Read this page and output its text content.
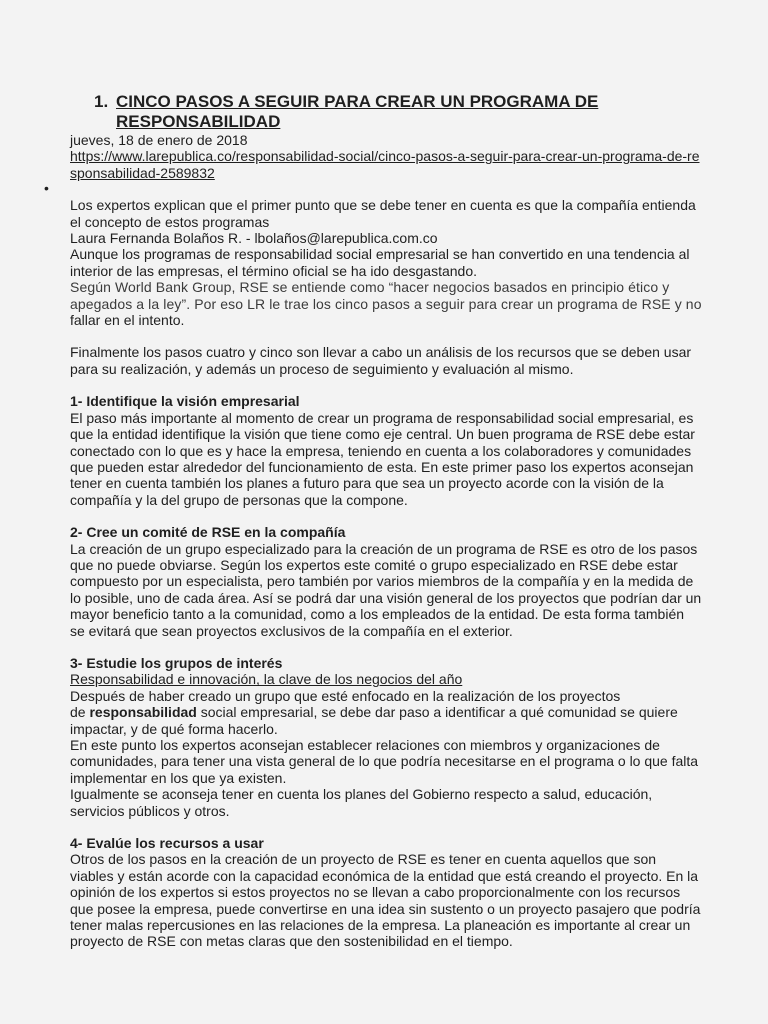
1. CINCO PASOS A SEGUIR PARA CREAR UN PROGRAMA DE RESPONSABILIDAD
•

jueves, 18 de enero de 2018

https://www.larepublica.co/responsabilidad-social/cinco-pasos-a-seguir-para-crear-un-programa-de-responsabilidad-2589832

Los expertos explican que el primer punto que se debe tener en cuenta es que la compañía entienda el concepto de estos programas

Laura Fernanda Bolaños R. - lbolaños@larepublica.com.co

Aunque los programas de responsabilidad social empresarial se han convertido en una tendencia al interior de las empresas, el término oficial se ha ido desgastando.

Según World Bank Group, RSE se entiende como “hacer negocios basados en principio ético y apegados a la ley”. Por eso LR le trae los cinco pasos a seguir para crear un programa de RSE y no

fallar en el intento.

Finalmente los pasos cuatro y cinco son llevar a cabo un análisis de los recursos que se deben usar para su realización, y además un proceso de seguimiento y evaluación al mismo.

1- Identifique la visión empresarial

El paso más importante al momento de crear un programa de responsabilidad social empresarial, es que la entidad identifique la visión que tiene como eje central. Un buen programa de RSE debe estar conectado con lo que es y hace la empresa, teniendo en cuenta a los colaboradores y comunidades que pueden estar alrededor del funcionamiento de esta. En este primer paso los expertos aconsejan tener en cuenta también los planes a futuro para que sea un proyecto acorde con la visión de la compañía y la del grupo de personas que la compone.

2- Cree un comité de RSE en la compañía

La creación de un grupo especializado para la creación de un programa de RSE es otro de los pasos que no puede obviarse. Según los expertos este comité o grupo especializado en RSE debe estar compuesto por un especialista, pero también por varios miembros de la compañía y en la medida de lo posible, uno de cada área. Así se podrá dar una visión general de los proyectos que podrían dar un mayor beneficio tanto a la comunidad, como a los empleados de la entidad. De esta forma también se evitará que sean proyectos exclusivos de la compañía en el exterior.

3- Estudie los grupos de interés

Responsabilidad e innovación, la clave de los negocios del año

Después de haber creado un grupo que esté enfocado en la realización de los proyectos

de responsabilidad social empresarial, se debe dar paso a identificar a qué comunidad se quiere impactar, y de qué forma hacerlo.

En este punto los expertos aconsejan establecer relaciones con miembros y organizaciones de comunidades, para tener una vista general de lo que podría necesitarse en el programa o lo que falta implementar en los que ya existen.

Igualmente se aconseja tener en cuenta los planes del Gobierno respecto a salud, educación, servicios públicos y otros.

4- Evalúe los recursos a usar

Otros de los pasos en la creación de un proyecto de RSE es tener en cuenta aquellos que son viables y están acorde con la capacidad económica de la entidad que está creando el proyecto. En la opinión de los expertos si estos proyectos no se llevan a cabo proporcionalmente con los recursos que posee la empresa, puede convertirse en una idea sin sustento o un proyecto pasajero que podría tener malas repercusiones en las relaciones de la empresa. La planeación es importante al crear un proyecto de RSE con metas claras que den sostenibilidad en el tiempo.
